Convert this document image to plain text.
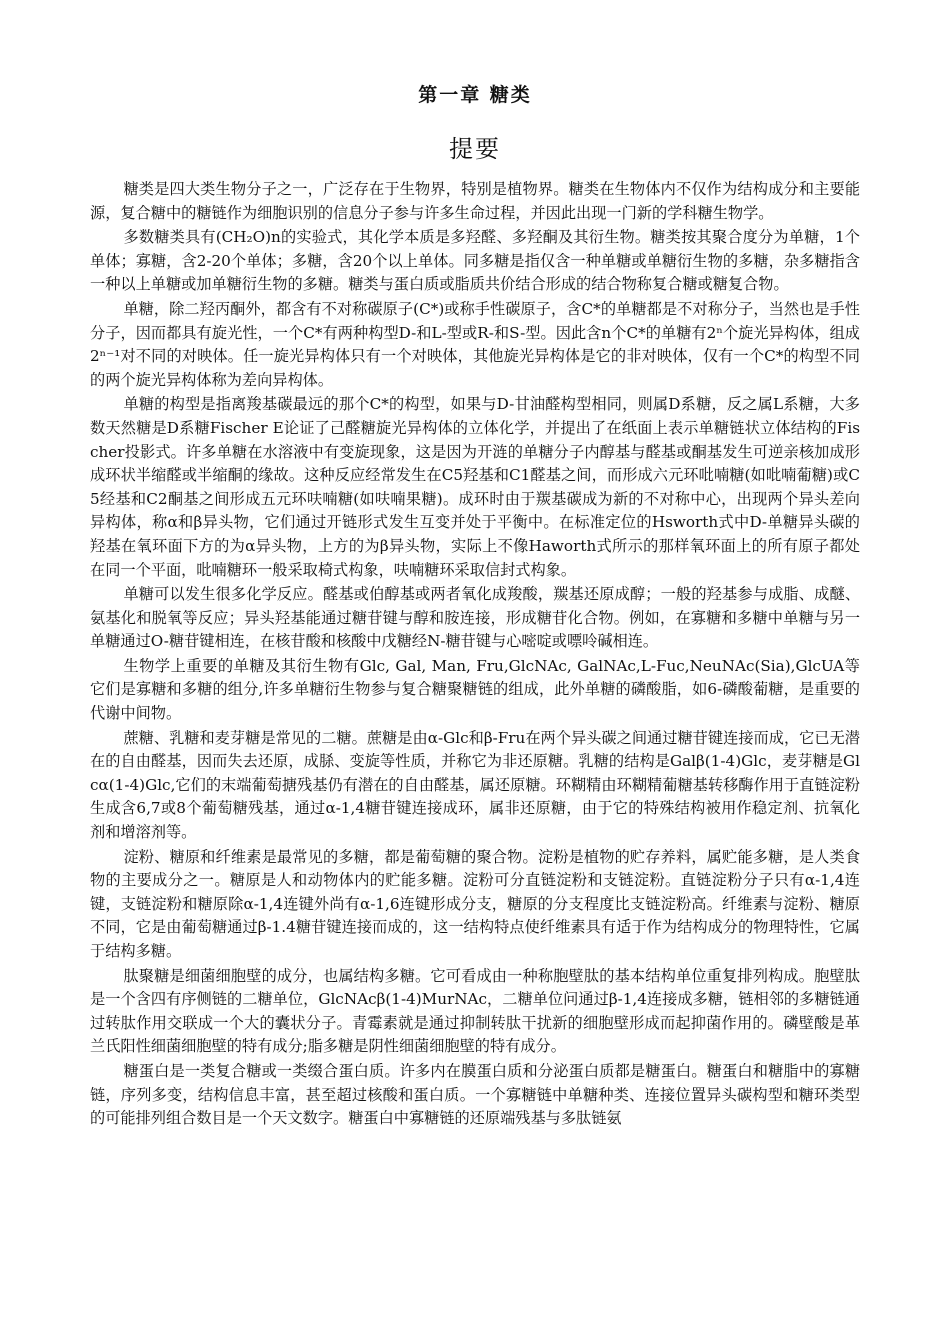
第一章 糖类
提要

糖类是四大类生物分子之一，广泛存在于生物界，特别是植物界。糖类在生物体内不仅作为结构成分和主要能源，复合糖中的糖链作为细胞识别的信息分子参与许多生命过程，并因此出现一门新的学科糖生物学。

多数糖类具有(CH₂O)n的实验式，其化学本质是多羟醛、多羟酮及其衍生物。糖类按其聚合度分为单糖，1个单体；寡糖，含2-20个单体；多糖，含20个以上单体。同多糖是指仅含一种单糖或单糖衍生物的多糖，杂多糖指含一种以上单糖或加单糖衍生物的多糖。糖类与蛋白质或脂质共价结合形成的结合物称复合糖或糖复合物。

单糖，除二羟丙酮外，都含有不对称碳原子(C*)或称手性碳原子，含C*的单糖都是不对称分子，当然也是手性分子，因而都具有旋光性，一个C*有两种构型D-和L-型或R-和S-型。因此含n个C*的单糖有2ⁿ个旋光异构体，组成2ⁿ⁻¹对不同的对映体。任一旋光异构体只有一个对映体，其他旋光异构体是它的非对映体，仅有一个C*的构型不同的两个旋光异构体称为差向异构体。

单糖的构型是指离羧基碳最远的那个C*的构型，如果与D-甘油醛构型相同，则属D系糖，反之属L系糖，大多数天然糖是D系糖Fischer E论证了己醛糖旋光异构体的立体化学，并提出了在纸面上表示单糖链状立体结构的Fischer投影式。许多单糖在水溶液中有变旋现象，这是因为开涟的单糖分子内醇基与醛基或酮基发生可逆亲核加成形成环状半缩醛或半缩酮的缘故。这种反应经常发生在C5羟基和C1醛基之间，而形成六元环吡喃糖(如吡喃葡糖)或C5经基和C2酮基之间形成五元环呋喃糖(如呋喃果糖)。成环时由于羰基碳成为新的不对称中心，出现两个异头差向异构体，称α和β异头物，它们通过开链形式发生互变并处于平衡中。在标准定位的Hsworth式中D-单糖异头碳的羟基在氧环面下方的为α异头物，上方的为β异头物，实际上不像Haworth式所示的那样氧环面上的所有原子都处在同一个平面，吡喃糖环一般采取椅式构象，呋喃糖环采取信封式构象。

单糖可以发生很多化学反应。醛基或伯醇基或两者氧化成羧酸，羰基还原成醇；一般的羟基参与成脂、成醚、氨基化和脱氧等反应；异头羟基能通过糖苷键与醇和胺连接，形成糖苷化合物。例如，在寡糖和多糖中单糖与另一单糖通过O-糖苷键相连，在核苷酸和核酸中戊糖经N-糖苷键与心嘧啶或嘌呤碱相连。

生物学上重要的单糖及其衍生物有Glc, Gal, Man, Fru,GlcNAc, GalNAc,L-Fuc,NeuNAc(Sia),GlcUA等它们是寡糖和多糖的组分,许多单糖衍生物参与复合糖聚糖链的组成，此外单糖的磷酸脂，如6-磷酸葡糖，是重要的代谢中间物。

蔗糖、乳糖和麦芽糖是常见的二糖。蔗糖是由α-Glc和β-Fru在两个异头碳之间通过糖苷键连接而成，它已无潜在的自由醛基，因而失去还原，成脎、变旋等性质，并称它为非还原糖。乳糖的结构是Galβ(1-4)Glc，麦芽糖是Glcα(1-4)Glc,它们的末端葡萄搪残基仍有潜在的自由醛基，属还原糖。环糊精由环糊精葡糖基转移酶作用于直链淀粉生成含6,7或8个葡萄糖残基，通过α-1,4糖苷键连接成环，属非还原糖，由于它的特殊结构被用作稳定剂、抗氧化剂和增溶剂等。

淀粉、糖原和纤维素是最常见的多糖，都是葡萄糖的聚合物。淀粉是植物的贮存养料，属贮能多糖，是人类食物的主要成分之一。糖原是人和动物体内的贮能多糖。淀粉可分直链淀粉和支链淀粉。直链淀粉分子只有α-1,4连键，支链淀粉和糖原除α-1,4连键外尚有α-1,6连键形成分支，糖原的分支程度比支链淀粉高。纤维素与淀粉、糖原不同，它是由葡萄糖通过β-1.4糖苷键连接而成的，这一结构特点使纤维素具有适于作为结构成分的物理特性，它属于结构多糖。

肽聚糖是细菌细胞壁的成分，也属结构多糖。它可看成由一种称胞壁肽的基本结构单位重复排列构成。胞壁肽是一个含四有序侧链的二糖单位，GlcNAcβ(1-4)MurNAc，二糖单位问通过β-1,4连接成多糖，链相邻的多糖链通过转肽作用交联成一个大的囊状分子。青霉素就是通过抑制转肽干扰新的细胞壁形成而起抑菌作用的。磷壁酸是革兰氏阳性细菌细胞壁的特有成分;脂多糖是阴性细菌细胞壁的特有成分。

糖蛋白是一类复合糖或一类缀合蛋白质。许多内在膜蛋白质和分泌蛋白质都是糖蛋白。糖蛋白和糖脂中的寡糖链，序列多变，结构信息丰富，甚至超过核酸和蛋白质。一个寡糖链中单糖种类、连接位置异头碳构型和糖环类型的可能排列组合数目是一个天文数字。糖蛋白中寡糖链的还原端残基与多肽链氨
